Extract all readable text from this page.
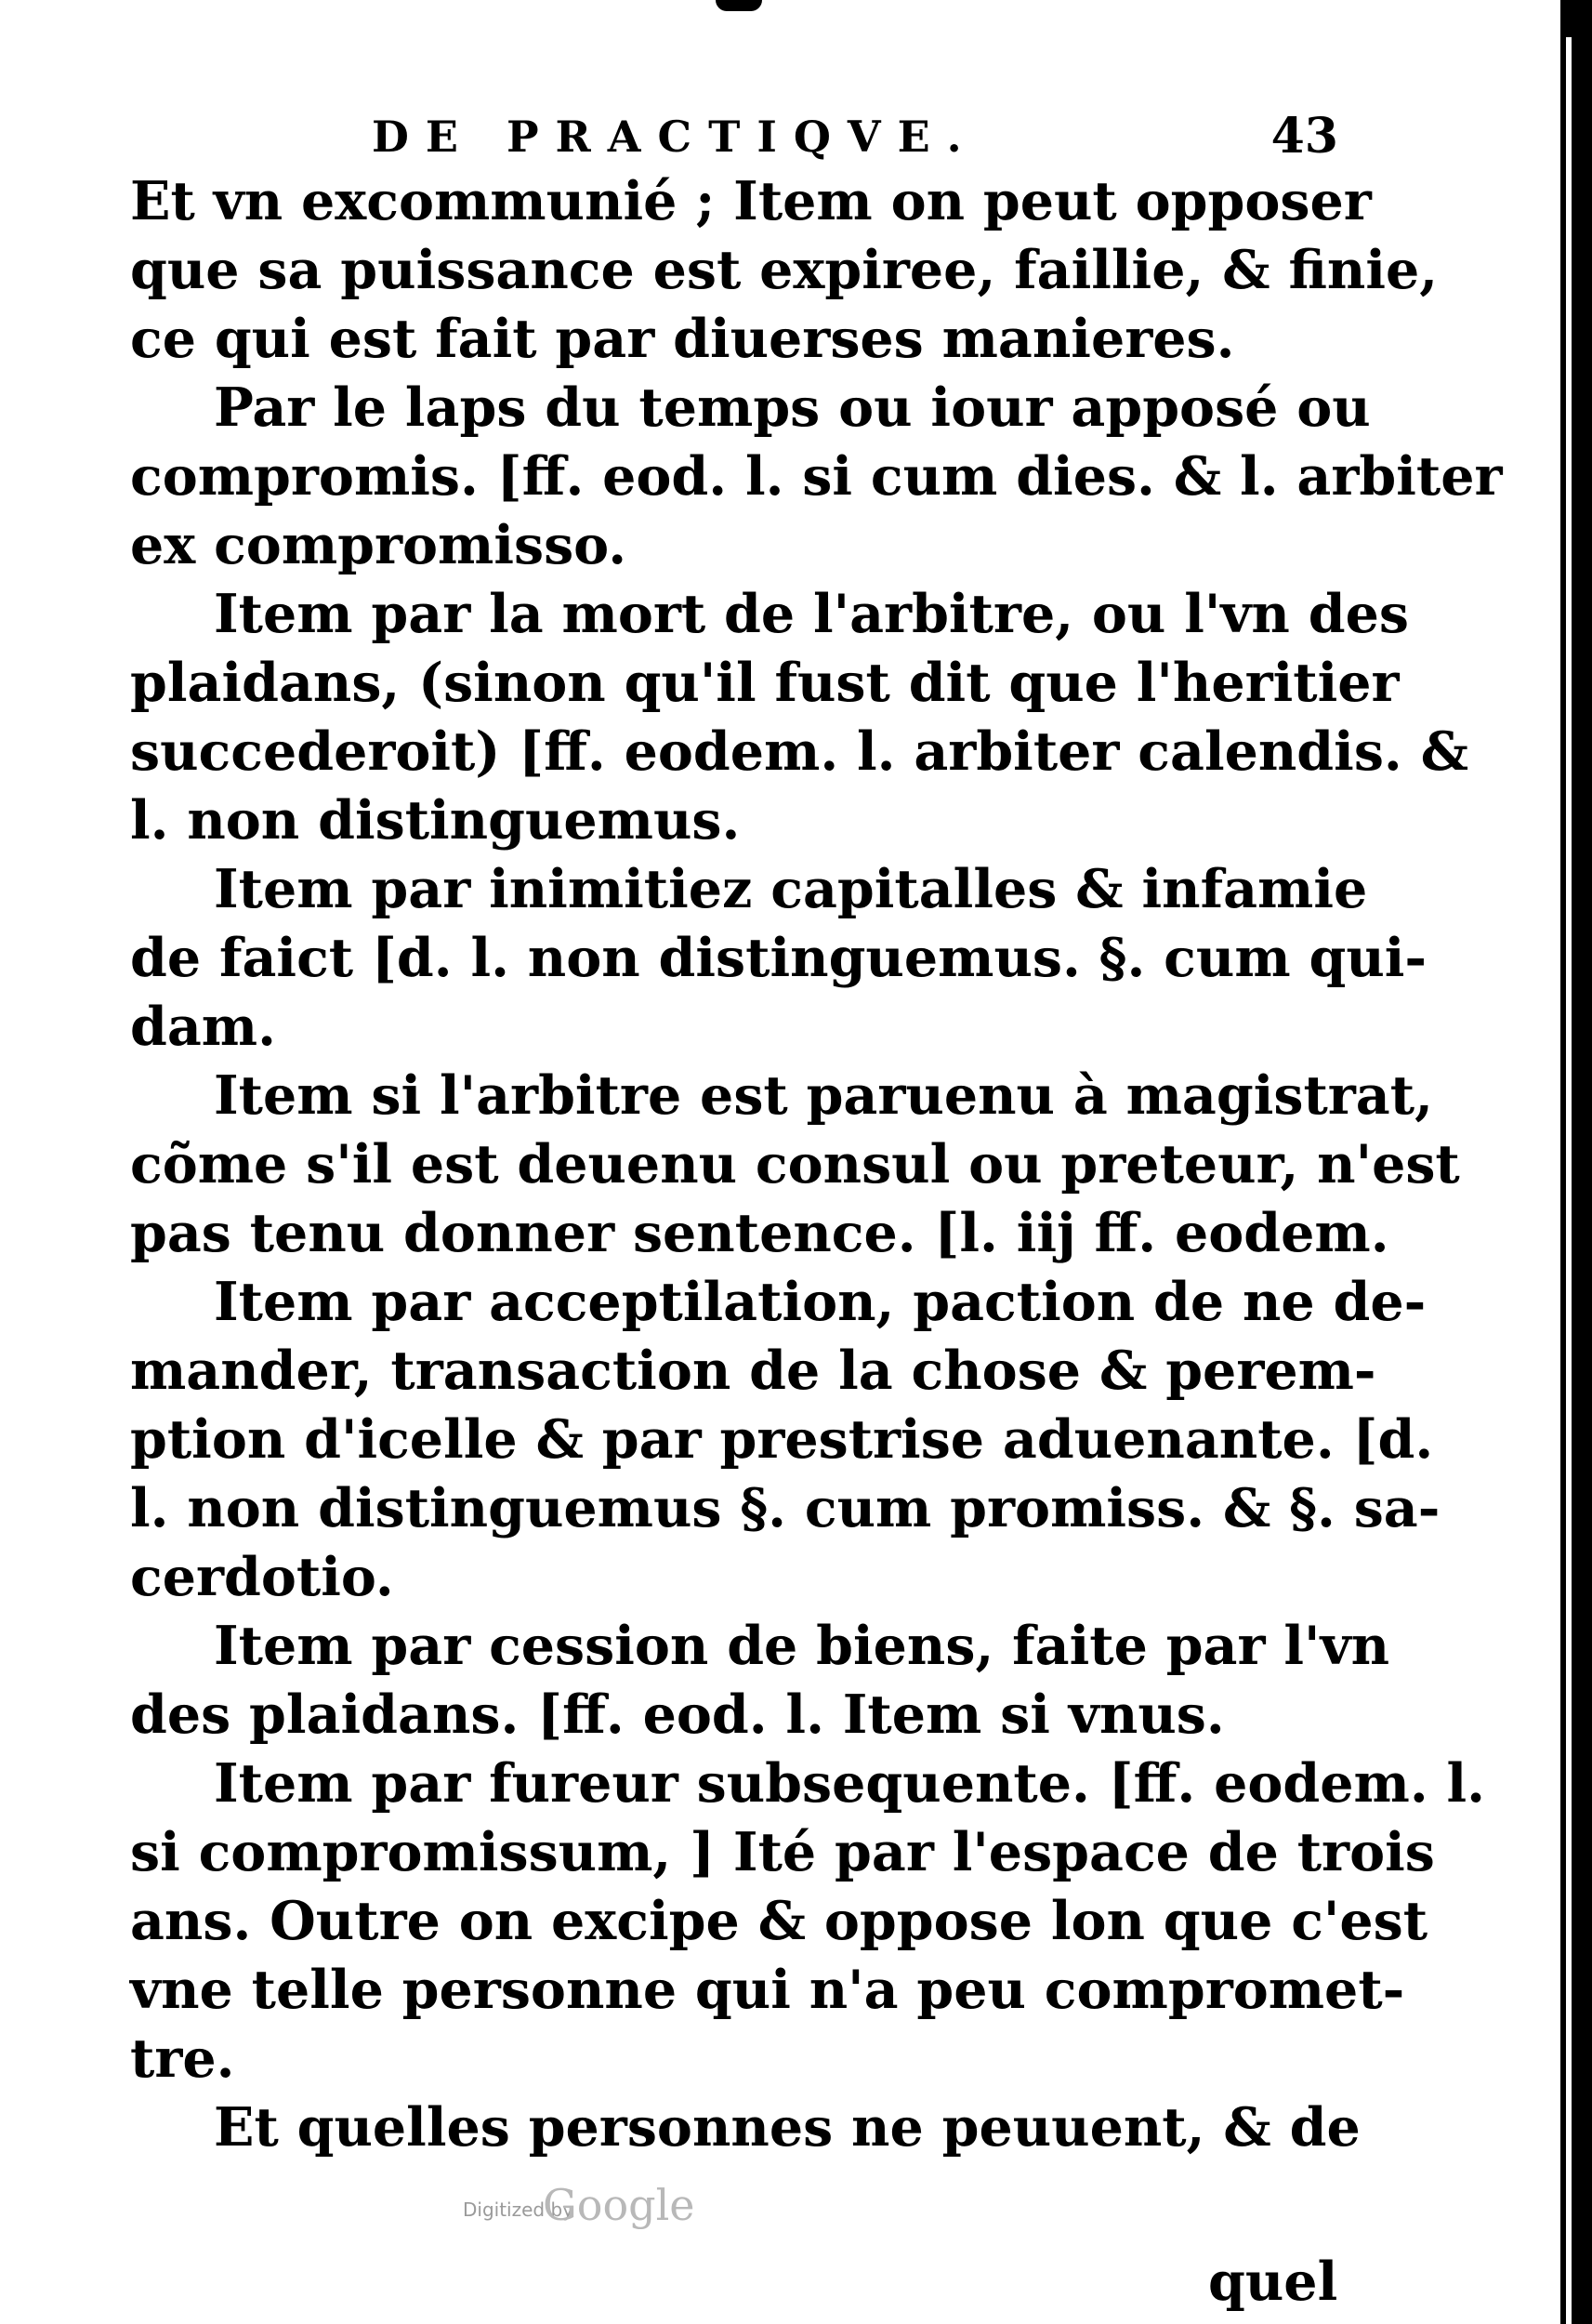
DE PRACTIQVE.	43
Et vn excommunié ; Item on peut opposer
que sa puissance est expiree, faillie, & finie,
ce qui est fait par diuerses manieres.
Par le laps du temps ou iour apposé ou
compromis. [ff. eod. l. si cum dies. & l. arbiter
ex compromisso.
Item par la mort de l'arbitre, ou l'vn des
plaidans, (sinon qu'il fust dit que l'heritier
succederoit) [ff. eodem. l. arbiter calendis. &
l. non distinguemus.
Item par inimitiez capitalles & infamie
de faict [d. l. non distinguemus. §. cum qui-
dam.
Item si l'arbitre est paruenu à magistrat,
cõme s'il est deuenu consul ou preteur, n'est
pas tenu donner sentence. [l. iij ff. eodem.
Item par acceptilation, paction de ne de-
mander, transaction de la chose & perem-
ption d'icelle & par prestrise aduenante. [d.
l. non distinguemus §. cum promiss. & §. sa-
cerdotio.
Item par cession de biens, faite par l'vn
des plaidans. [ff. eod. l. Item si vnus.
Item par fureur subsequente. [ff. eodem. l.
si compromissum, ] Ité par l'espace de trois
ans. Outre on excipe & oppose lon que c'est
vne telle personne qui n'a peu compromet-
tre.
Et quelles personnes ne peuuent, & de
Digitized by
Google
quel
